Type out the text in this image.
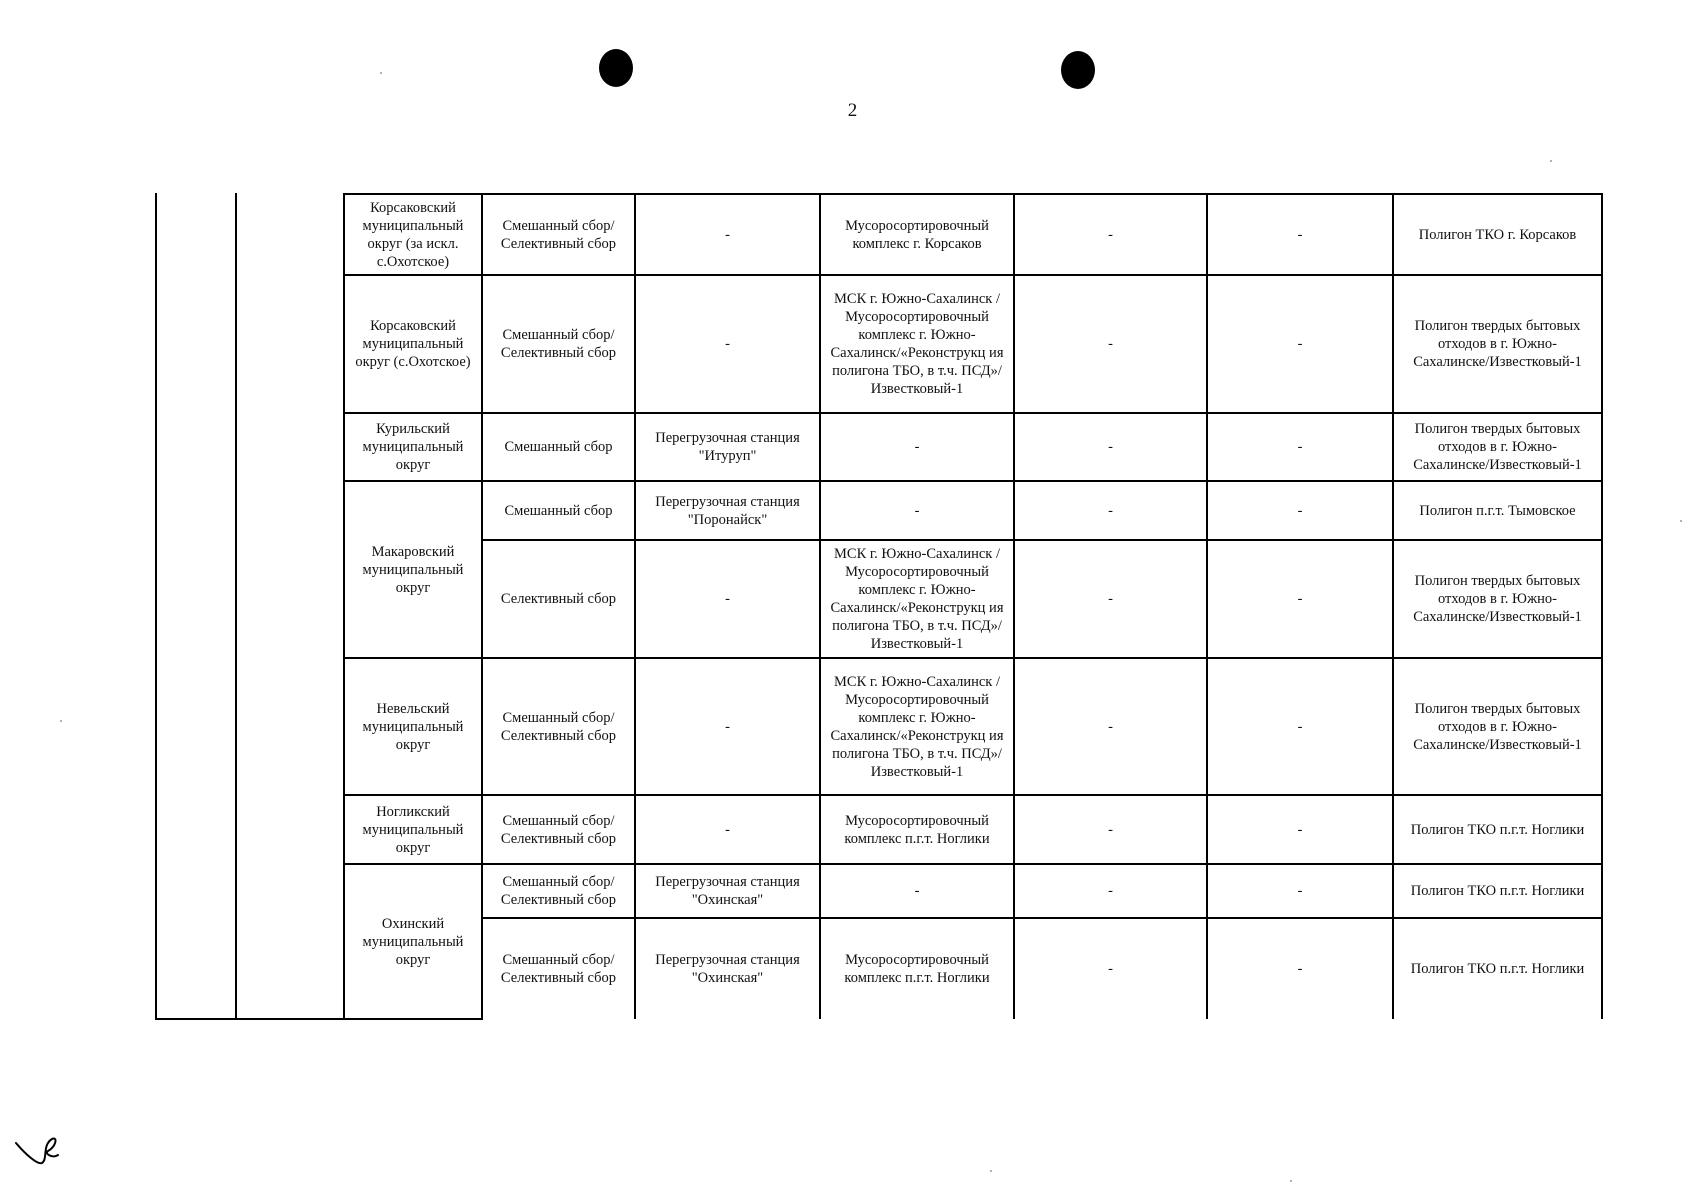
2
Корсаковский муниципальный округ (за искл. с.Охотское)	Смешанный сбор/ Селективный сбор	-	Мусоросортировочный комплекс г. Корсаков	-	-	Полигон ТКО г. Корсаков
Корсаковский муниципальный округ (с.Охотское)	Смешанный сбор/ Селективный сбор	-	МСК г. Южно-Сахалинск / Мусоросортировочный комплекс г. Южно-Сахалинск/«Реконструкц ия полигона ТБО, в т.ч. ПСД»/Известковый-1	-	-	Полигон твердых бытовых отходов в г. Южно-Сахалинске/Известковый-1
Курильский муниципальный округ	Смешанный сбор	Перегрузочная станция "Итуруп"	-	-	-	Полигон твердых бытовых отходов в г. Южно-Сахалинске/Известковый-1
Макаровский муниципальный округ	Смешанный сбор	Перегрузочная станция "Поронайск"	-	-	-	Полигон п.г.т. Тымовское
	Селективный сбор	-	МСК г. Южно-Сахалинск / Мусоросортировочный комплекс г. Южно-Сахалинск/«Реконструкц ия полигона ТБО, в т.ч. ПСД»/Известковый-1	-	-	Полигон твердых бытовых отходов в г. Южно-Сахалинске/Известковый-1
Невельский муниципальный округ	Смешанный сбор/ Селективный сбор	-	МСК г. Южно-Сахалинск / Мусоросортировочный комплекс г. Южно-Сахалинск/«Реконструкц ия полигона ТБО, в т.ч. ПСД»/Известковый-1	-	-	Полигон твердых бытовых отходов в г. Южно-Сахалинске/Известковый-1
Ногликский муниципальный округ	Смешанный сбор/ Селективный сбор	-	Мусоросортировочный комплекс п.г.т. Ноглики	-	-	Полигон ТКО п.г.т. Ноглики
Охинский муниципальный округ	Смешанный сбор/ Селективный сбор	Перегрузочная станция "Охинская"	-	-	-	Полигон ТКО п.г.т. Ноглики
	Смешанный сбор/ Селективный сбор	Перегрузочная станция "Охинская"	Мусоросортировочный комплекс п.г.т. Ноглики	-	-	Полигон ТКО п.г.т. Ноглики
